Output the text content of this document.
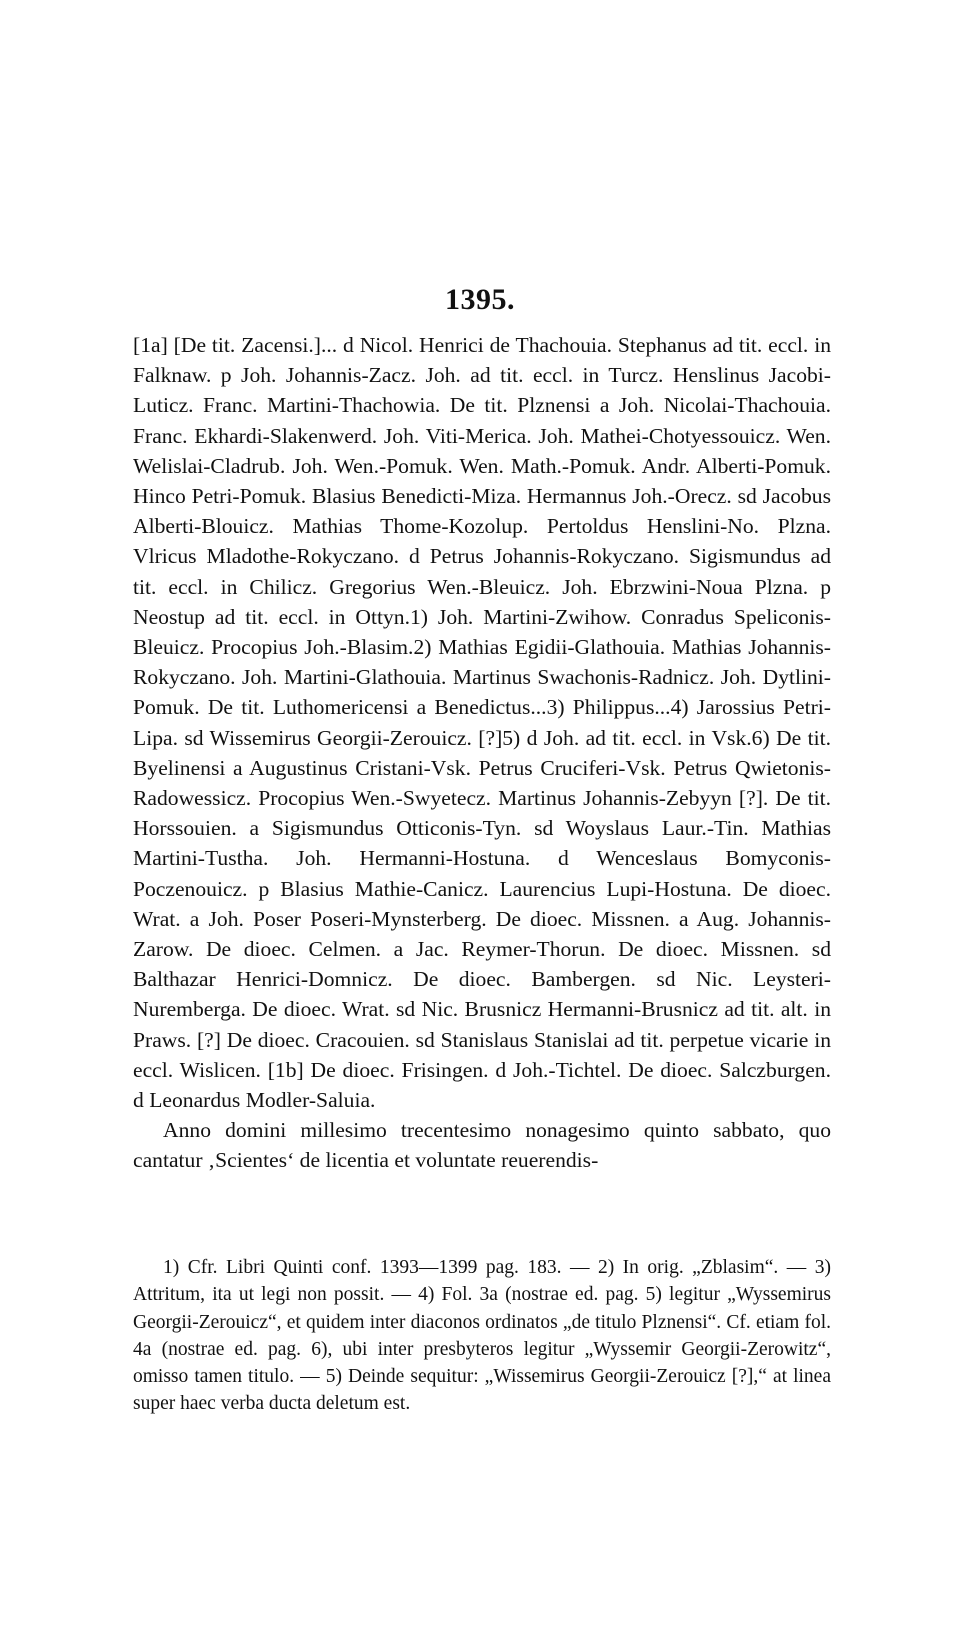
1395.

[1a] [De tit. Zacensi.]... d Nicol. Henrici de Thachouia. Stephanus ad tit. eccl. in Falknaw. p Joh. Johannis-Zacz. Joh. ad tit. eccl. in Turcz. Henslinus Jacobi-Luticz. Franc. Martini-Thachowia. De tit. Plznensi a Joh. Nicolai-Thachouia. Franc. Ekhardi-Slakenwerd. Joh. Viti-Merica. Joh. Mathei-Chotyessouicz. Wen. Welislai-Cladrub. Joh. Wen.-Pomuk. Wen. Math.-Pomuk. Andr. Alberti-Pomuk. Hinco Petri-Pomuk. Blasius Benedicti-Miza. Hermannus Joh.-Orecz. sd Jacobus Alberti-Blouicz. Mathias Thome-Kozolup. Pertoldus Henslini-No. Plzna. Vlricus Mladothe-Rokyczano. d Petrus Johannis-Rokyczano. Sigismundus ad tit. eccl. in Chilicz. Gregorius Wen.-Bleuicz. Joh. Ebrzwini-Noua Plzna. p Neostup ad tit. eccl. in Ottyn.1) Joh. Martini-Zwihow. Conradus Speliconis-Bleuicz. Procopius Joh.-Blasim.2) Mathias Egidii-Glathouia. Mathias Johannis-Rokyczano. Joh. Martini-Glathouia. Martinus Swachonis-Radnicz. Joh. Dytlini-Pomuk. De tit. Luthomericensi a Benedictus...3) Philippus...4) Jarossius Petri-Lipa. sd Wissemirus Georgii-Zerouicz. [?]5) d Joh. ad tit. eccl. in Vsk.6) De tit. Byelinensi a Augustinus Cristani-Vsk. Petrus Cruciferi-Vsk. Petrus Qwietonis-Radowessicz. Procopius Wen.-Swyetecz. Martinus Johannis-Zebyyn [?]. De tit. Horssouien. a Sigismundus Otticonis-Tyn. sd Woyslaus Laur.-Tin. Mathias Martini-Tustha. Joh. Hermanni-Hostuna. d Wenceslaus Bomyconis-Poczenouicz. p Blasius Mathie-Canicz. Laurencius Lupi-Hostuna. De dioec. Wrat. a Joh. Poser Poseri-Mynsterberg. De dioec. Missnen. a Aug. Johannis-Zarow. De dioec. Celmen. a Jac. Reymer-Thorun. De dioec. Missnen. sd Balthazar Henrici-Domnicz. De dioec. Bambergen. sd Nic. Leysteri-Nuremberga. De dioec. Wrat. sd Nic. Brusnicz Hermanni-Brusnicz ad tit. alt. in Praws. [?] De dioec. Cracouien. sd Stanislaus Stanislai ad tit. perpetue vicarie in eccl. Wislicen. [1b] De dioec. Frisingen. d Joh.-Tichtel. De dioec. Salczburgen. d Leonardus Modler-Saluia.

Anno domini millesimo trecentesimo nonagesimo quinto sabbato, quo cantatur ‚Scientes‘ de licentia et voluntate reuerendis-

1) Cfr. Libri Quinti conf. 1393—1399 pag. 183. — 2) In orig. „Zblasim“. — 3) Attritum, ita ut legi non possit. — 4) Fol. 3a (nostrae ed. pag. 5) legitur „Wyssemirus Georgii-Zerouicz“, et quidem inter diaconos ordinatos „de titulo Plznensi“. Cf. etiam fol. 4a (nostrae ed. pag. 6), ubi inter presbyteros legitur „Wyssemir Georgii-Zerowitz“, omisso tamen titulo. — 5) Deinde sequitur: „Wissemirus Georgii-Zerouicz [?],“ at linea super haec verba ducta deletum est.
